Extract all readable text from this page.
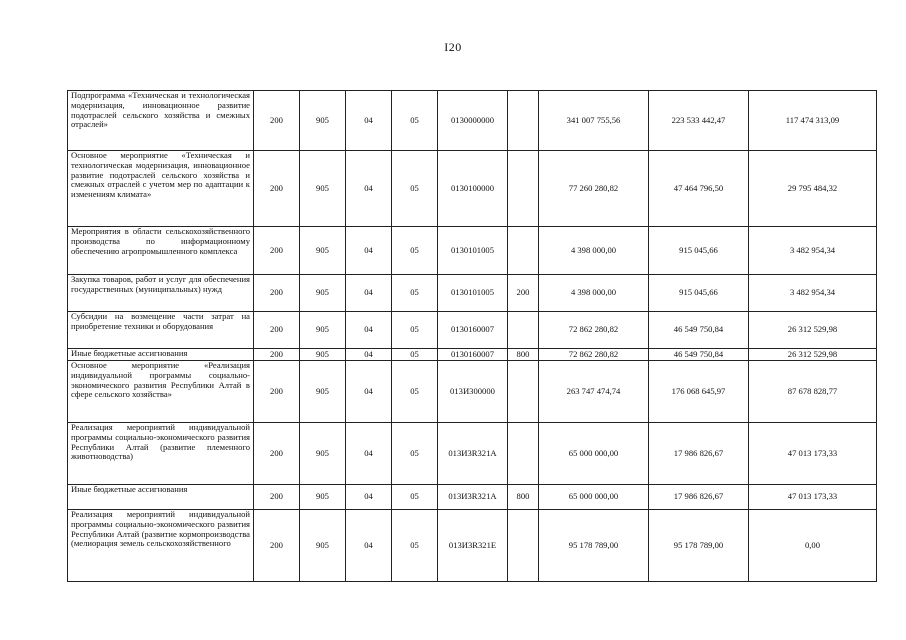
I20
Подпрограмма «Техническая и технологическая модернизация, инновационное развитие подотраслей сельского хозяйства и смежных отраслей»	200	905	04	05	0130000000		341 007 755,56	223 533 442,47	117 474 313,09
Основное мероприятие «Техническая и технологическая модернизация, инновационное развитие подотраслей сельского хозяйства и смежных отраслей с учетом мер по адаптации к изменениям климата»	200	905	04	05	0130100000		77 260 280,82	47 464 796,50	29 795 484,32
Мероприятия в области сельскохозяйственного производства по информационному обеспечению агропромышленного комплекса	200	905	04	05	0130101005		4 398 000,00	915 045,66	3 482 954,34
Закупка товаров, работ и услуг для обеспечения государственных (муниципальных) нужд	200	905	04	05	0130101005	200	4 398 000,00	915 045,66	3 482 954,34
Субсидии на возмещение части затрат на приобретение техники и оборудования	200	905	04	05	0130160007		72 862 280,82	46 549 750,84	26 312 529,98
Иные бюджетные ассигнования	200	905	04	05	0130160007	800	72 862 280,82	46 549 750,84	26 312 529,98
Основное мероприятие «Реализация индивидуальной программы социально-экономического развития Республики Алтай в сфере сельского хозяйства»	200	905	04	05	013И300000		263 747 474,74	176 068 645,97	87 678 828,77
Реализация мероприятий индивидуальной программы социально-экономического развития Республики Алтай (развитие племенного животноводства)	200	905	04	05	013И3R321А		65 000 000,00	17 986 826,67	47 013 173,33
Иные бюджетные ассигнования	200	905	04	05	013И3R321А	800	65 000 000,00	17 986 826,67	47 013 173,33
Реализация мероприятий индивидуальной программы социально-экономического развития Республики Алтай (развитие кормопроизводства (мелиорация земель сельскохозяйственного	200	905	04	05	013И3R321Е		95 178 789,00	95 178 789,00	0,00
